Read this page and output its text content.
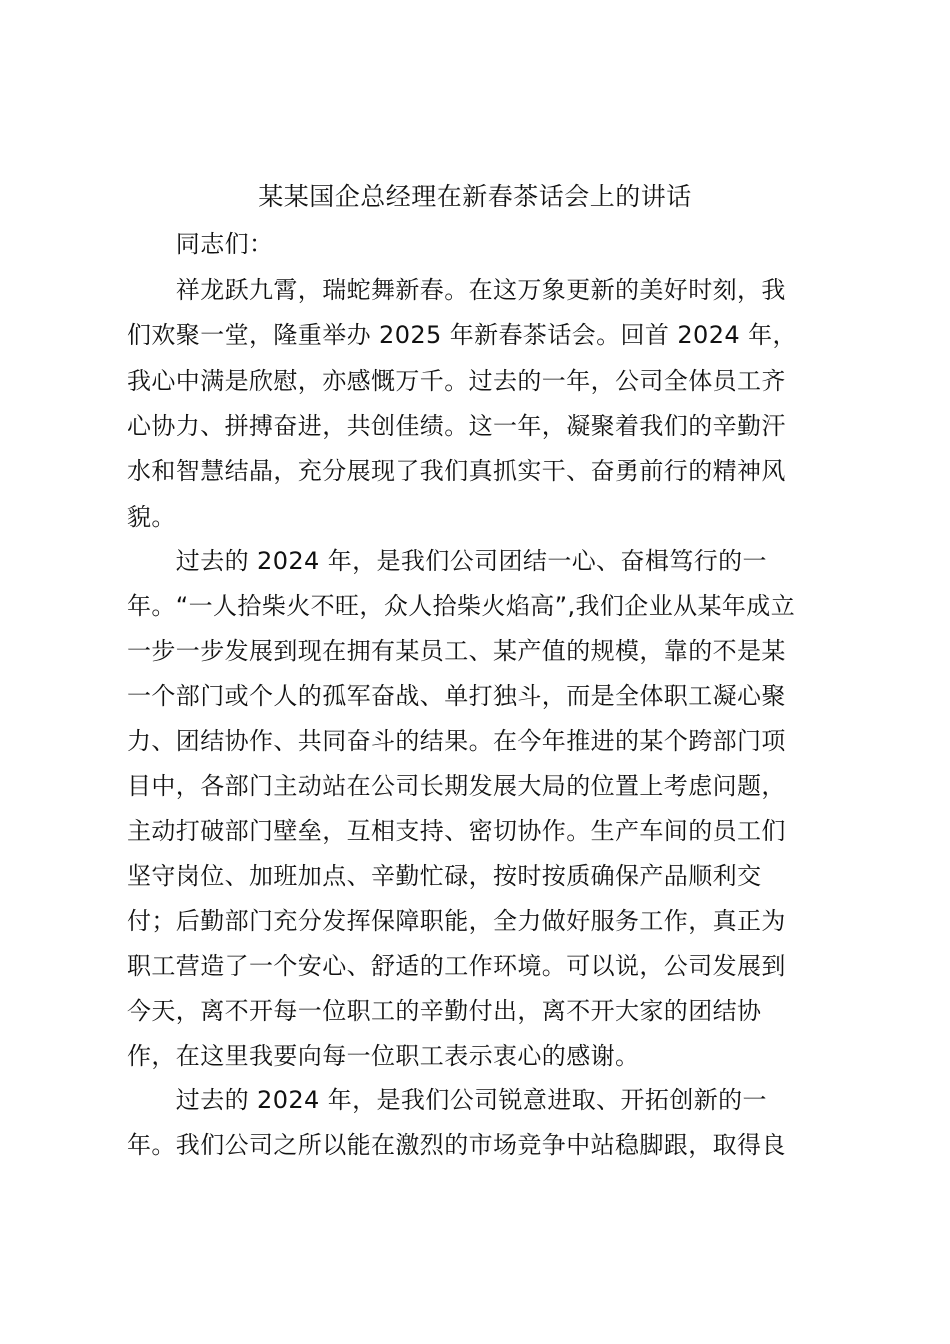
某某国企总经理在新春茶话会上的讲话
　　同志们：
　　祥龙跃九霄，瑞蛇舞新春。在这万象更新的美好时刻，我
们欢聚一堂，隆重举办 2025 年新春茶话会。回首 2024 年，
我心中满是欣慰，亦感慨万千。过去的一年，公司全体员工齐
心协力、拼搏奋进，共创佳绩。这一年，凝聚着我们的辛勤汗
水和智慧结晶，充分展现了我们真抓实干、奋勇前行的精神风
貌。
　　过去的 2024 年，是我们公司团结一心、奋楫笃行的一
年。“一人拾柴火不旺，众人拾柴火焰高”,我们企业从某年成立
一步一步发展到现在拥有某员工、某产值的规模，靠的不是某
一个部门或个人的孤军奋战、单打独斗，而是全体职工凝心聚
力、团结协作、共同奋斗的结果。在今年推进的某个跨部门项
目中，各部门主动站在公司长期发展大局的位置上考虑问题，
主动打破部门壁垒，互相支持、密切协作。生产车间的员工们
坚守岗位、加班加点、辛勤忙碌，按时按质确保产品顺利交
付；后勤部门充分发挥保障职能，全力做好服务工作，真正为
职工营造了一个安心、舒适的工作环境。可以说，公司发展到
今天，离不开每一位职工的辛勤付出，离不开大家的团结协
作，在这里我要向每一位职工表示衷心的感谢。
　　过去的 2024 年，是我们公司锐意进取、开拓创新的一
年。我们公司之所以能在激烈的市场竞争中站稳脚跟，取得良
